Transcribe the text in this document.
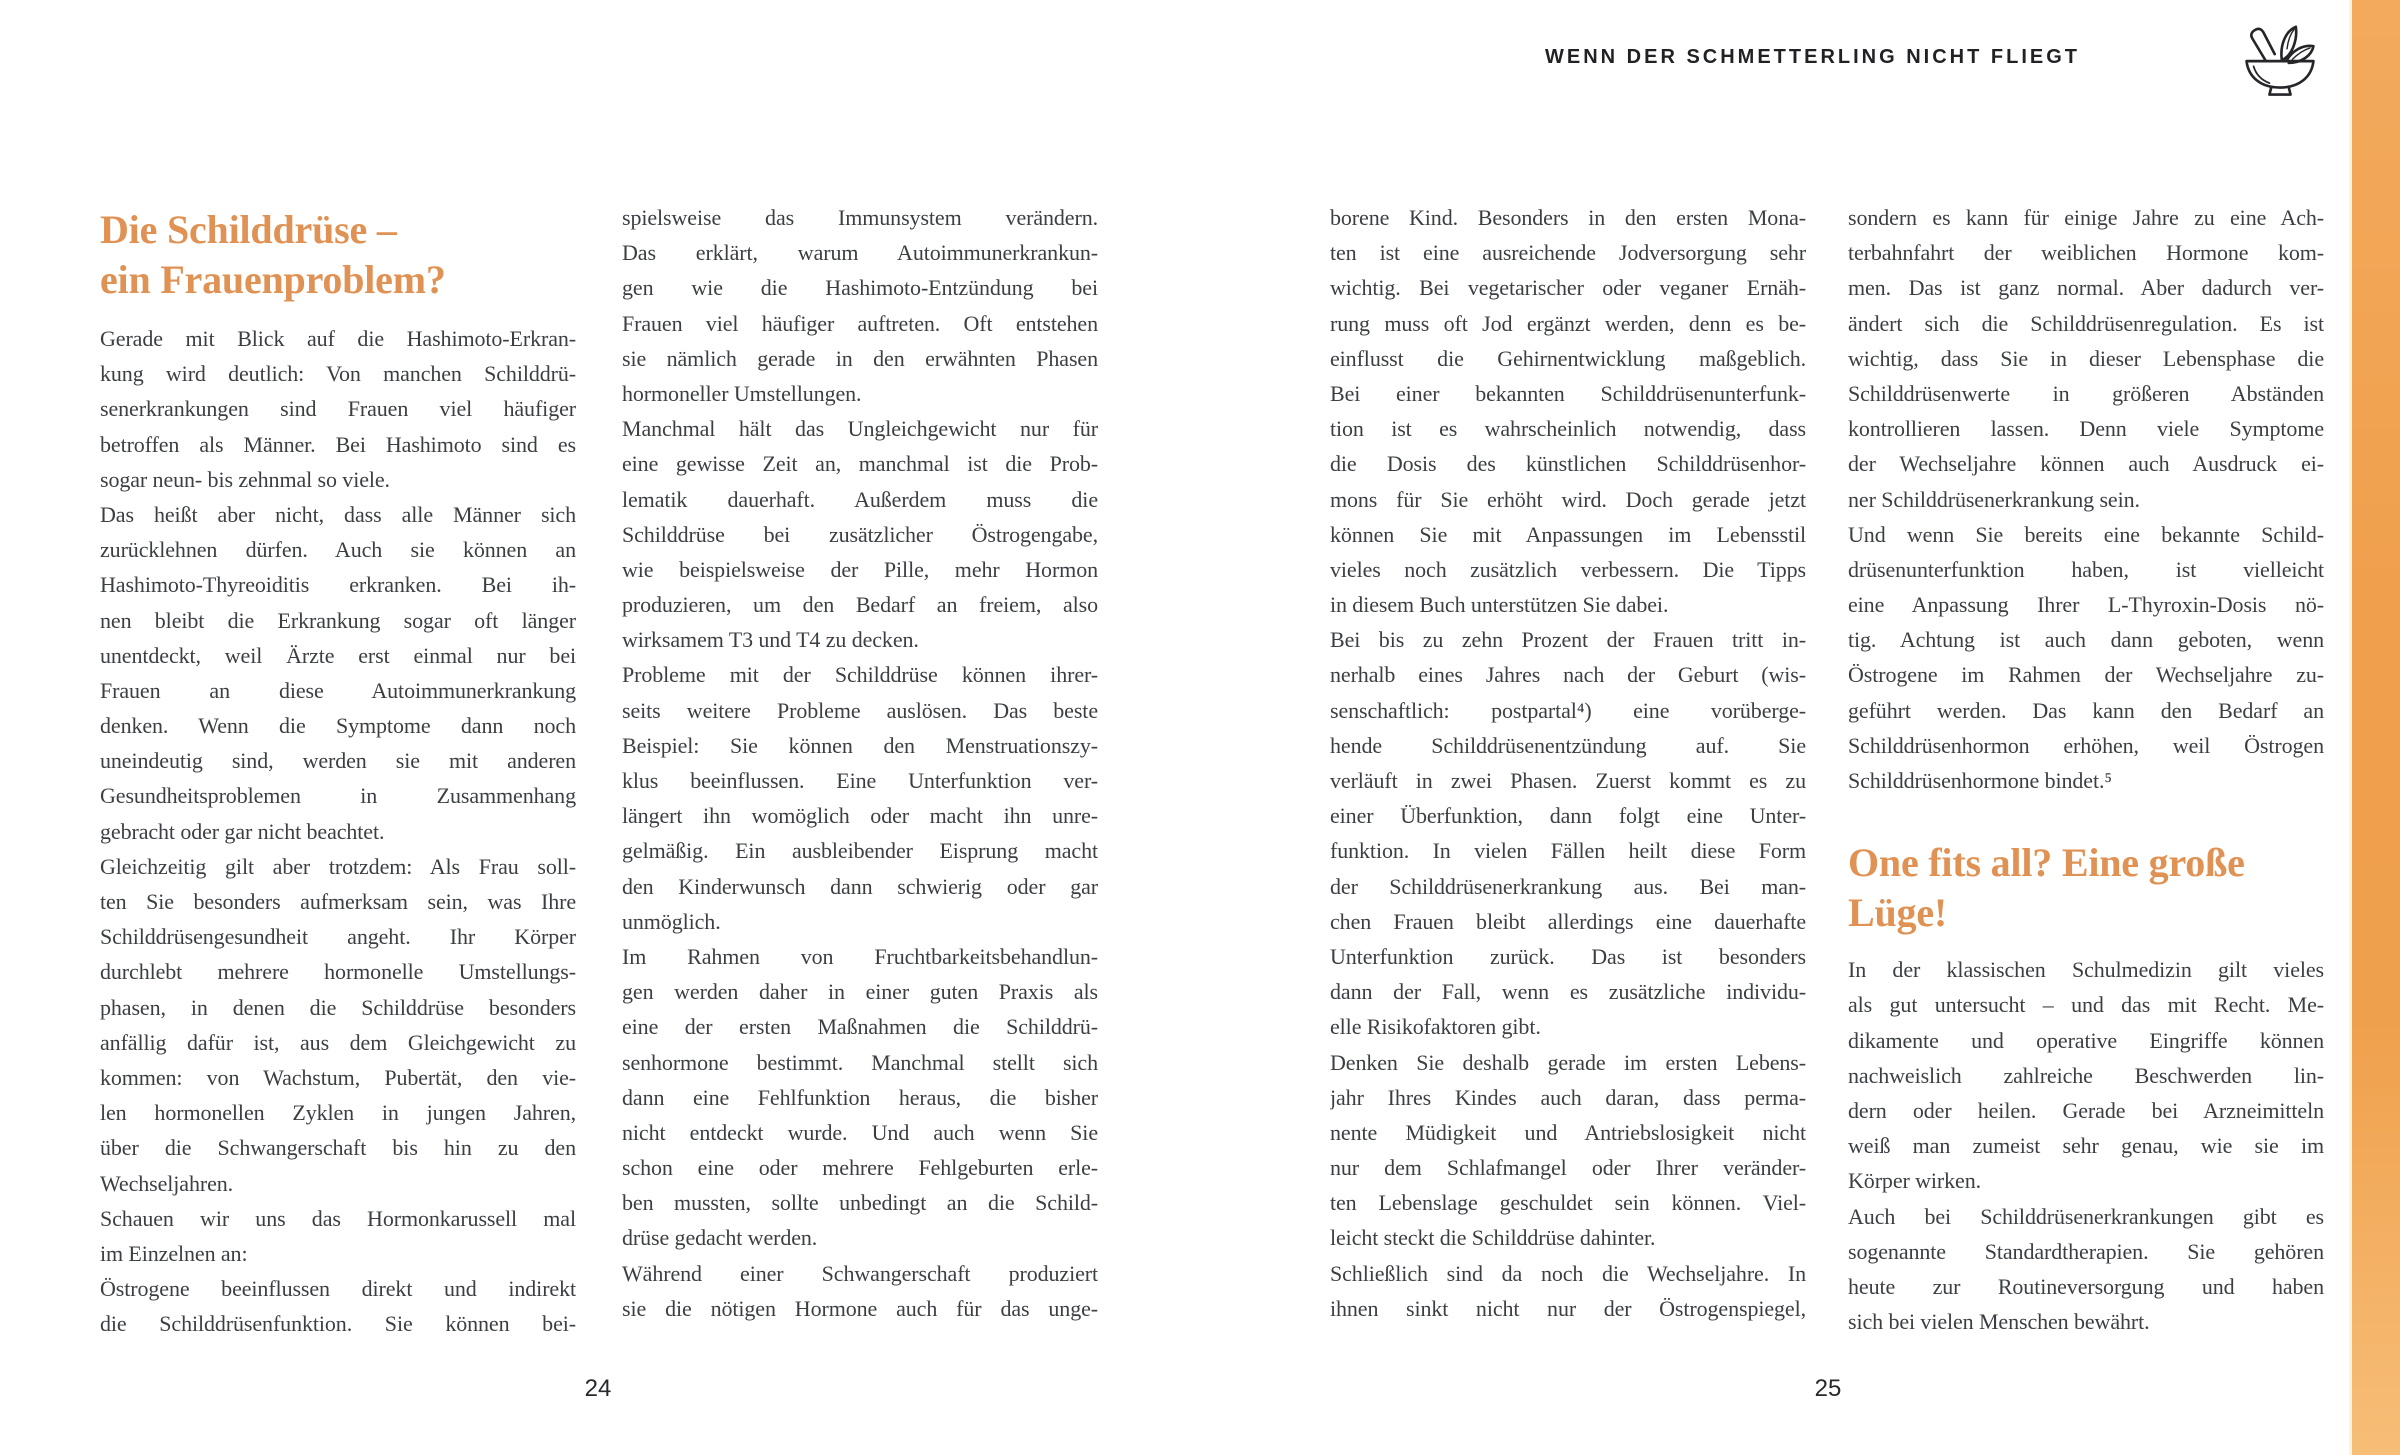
WENN DER SCHMETTERLING NICHT FLIEGT
Die Schilddrüse –
ein Frauenproblem?
Gerade mit Blick auf die Hashimoto-Erkran-
kung wird deutlich: Von manchen Schilddrü-
senerkrankungen sind Frauen viel häufiger
betroffen als Männer. Bei Hashimoto sind es
sogar neun- bis zehnmal so viele.
Das heißt aber nicht, dass alle Männer sich
zurücklehnen dürfen. Auch sie können an
Hashimoto-Thyreoiditis erkranken. Bei ih-
nen bleibt die Erkrankung sogar oft länger
unentdeckt, weil Ärzte erst einmal nur bei
Frauen an diese Autoimmunerkrankung
denken. Wenn die Symptome dann noch
uneindeutig sind, werden sie mit anderen
Gesundheitsproblemen in Zusammenhang
gebracht oder gar nicht beachtet.
Gleichzeitig gilt aber trotzdem: Als Frau soll-
ten Sie besonders aufmerksam sein, was Ihre
Schilddrüsengesundheit angeht. Ihr Körper
durchlebt mehrere hormonelle Umstellungs-
phasen, in denen die Schilddrüse besonders
anfällig dafür ist, aus dem Gleichgewicht zu
kommen: von Wachstum, Pubertät, den vie-
len hormonellen Zyklen in jungen Jahren,
über die Schwangerschaft bis hin zu den
Wechseljahren.
Schauen wir uns das Hormonkarussell mal
im Einzelnen an:
Östrogene beeinflussen direkt und indirekt
die Schilddrüsenfunktion. Sie können bei-
spielsweise das Immunsystem verändern.
Das erklärt, warum Autoimmunerkrankun-
gen wie die Hashimoto-Entzündung bei
Frauen viel häufiger auftreten. Oft entstehen
sie nämlich gerade in den erwähnten Phasen
hormoneller Umstellungen.
Manchmal hält das Ungleichgewicht nur für
eine gewisse Zeit an, manchmal ist die Prob-
lematik dauerhaft. Außerdem muss die
Schilddrüse bei zusätzlicher Östrogengabe,
wie beispielsweise der Pille, mehr Hormon
produzieren, um den Bedarf an freiem, also
wirksamem T3 und T4 zu decken.
Probleme mit der Schilddrüse können ihrer-
seits weitere Probleme auslösen. Das beste
Beispiel: Sie können den Menstruationszy-
klus beeinflussen. Eine Unterfunktion ver-
längert ihn womöglich oder macht ihn unre-
gelmäßig. Ein ausbleibender Eisprung macht
den Kinderwunsch dann schwierig oder gar
unmöglich.
Im Rahmen von Fruchtbarkeitsbehandlun-
gen werden daher in einer guten Praxis als
eine der ersten Maßnahmen die Schilddrü-
senhormone bestimmt. Manchmal stellt sich
dann eine Fehlfunktion heraus, die bisher
nicht entdeckt wurde. Und auch wenn Sie
schon eine oder mehrere Fehlgeburten erle-
ben mussten, sollte unbedingt an die Schild-
drüse gedacht werden.
Während einer Schwangerschaft produziert
sie die nötigen Hormone auch für das unge-
borene Kind. Besonders in den ersten Mona-
ten ist eine ausreichende Jodversorgung sehr
wichtig. Bei vegetarischer oder veganer Ernäh-
rung muss oft Jod ergänzt werden, denn es be-
einflusst die Gehirnentwicklung maßgeblich.
Bei einer bekannten Schilddrüsenunterfunk-
tion ist es wahrscheinlich notwendig, dass
die Dosis des künstlichen Schilddrüsenhor-
mons für Sie erhöht wird. Doch gerade jetzt
können Sie mit Anpassungen im Lebensstil
vieles noch zusätzlich verbessern. Die Tipps
in diesem Buch unterstützen Sie dabei.
Bei bis zu zehn Prozent der Frauen tritt in-
nerhalb eines Jahres nach der Geburt (wis-
senschaftlich: postpartal⁴) eine vorüberge-
hende Schilddrüsenentzündung auf. Sie
verläuft in zwei Phasen. Zuerst kommt es zu
einer Überfunktion, dann folgt eine Unter-
funktion. In vielen Fällen heilt diese Form
der Schilddrüsenerkrankung aus. Bei man-
chen Frauen bleibt allerdings eine dauerhafte
Unterfunktion zurück. Das ist besonders
dann der Fall, wenn es zusätzliche individu-
elle Risikofaktoren gibt.
Denken Sie deshalb gerade im ersten Lebens-
jahr Ihres Kindes auch daran, dass perma-
nente Müdigkeit und Antriebslosigkeit nicht
nur dem Schlafmangel oder Ihrer veränder-
ten Lebenslage geschuldet sein können. Viel-
leicht steckt die Schilddrüse dahinter.
Schließlich sind da noch die Wechseljahre. In
ihnen sinkt nicht nur der Östrogenspiegel,
sondern es kann für einige Jahre zu eine Ach-
terbahnfahrt der weiblichen Hormone kom-
men. Das ist ganz normal. Aber dadurch ver-
ändert sich die Schilddrüsenregulation. Es ist
wichtig, dass Sie in dieser Lebensphase die
Schilddrüsenwerte in größeren Abständen
kontrollieren lassen. Denn viele Symptome
der Wechseljahre können auch Ausdruck ei-
ner Schilddrüsenerkrankung sein.
Und wenn Sie bereits eine bekannte Schild-
drüsenunterfunktion haben, ist vielleicht
eine Anpassung Ihrer L-Thyroxin-Dosis nö-
tig. Achtung ist auch dann geboten, wenn
Östrogene im Rahmen der Wechseljahre zu-
geführt werden. Das kann den Bedarf an
Schilddrüsenhormon erhöhen, weil Östrogen
Schilddrüsenhormone bindet.⁵
One fits all? Eine große
Lüge!
In der klassischen Schulmedizin gilt vieles
als gut untersucht – und das mit Recht. Me-
dikamente und operative Eingriffe können
nachweislich zahlreiche Beschwerden lin-
dern oder heilen. Gerade bei Arzneimitteln
weiß man zumeist sehr genau, wie sie im
Körper wirken.
Auch bei Schilddrüsenerkrankungen gibt es
sogenannte Standardtherapien. Sie gehören
heute zur Routineversorgung und haben
sich bei vielen Menschen bewährt.
24	25
